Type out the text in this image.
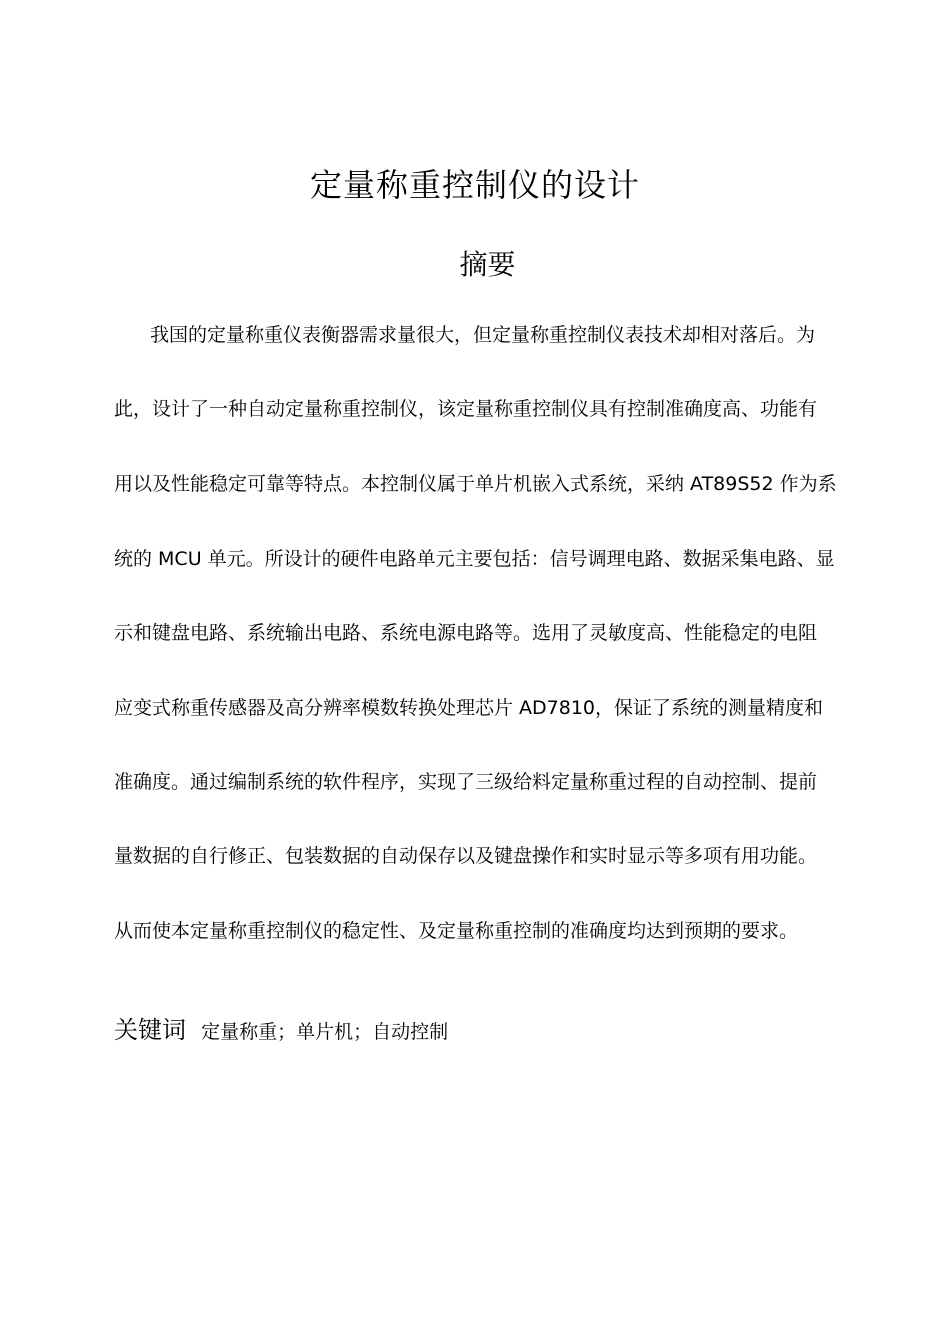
定量称重控制仪的设计
摘要
我国的定量称重仪表衡器需求量很大，但定量称重控制仪表技术却相对落后。为
此，设计了一种自动定量称重控制仪，该定量称重控制仪具有控制准确度高、功能有
用以及性能稳定可靠等特点。本控制仪属于单片机嵌入式系统，采纳 AT89S52 作为系
统的 MCU 单元。所设计的硬件电路单元主要包括：信号调理电路、数据采集电路、显
示和键盘电路、系统输出电路、系统电源电路等。选用了灵敏度高、性能稳定的电阻
应变式称重传感器及高分辨率模数转换处理芯片 AD7810，保证了系统的测量精度和
准确度。通过编制系统的软件程序，实现了三级给料定量称重过程的自动控制、提前
量数据的自行修正、包装数据的自动保存以及键盘操作和实时显示等多项有用功能。
从而使本定量称重控制仪的稳定性、及定量称重控制的准确度均达到预期的要求。
关键词 定量称重；单片机；自动控制
